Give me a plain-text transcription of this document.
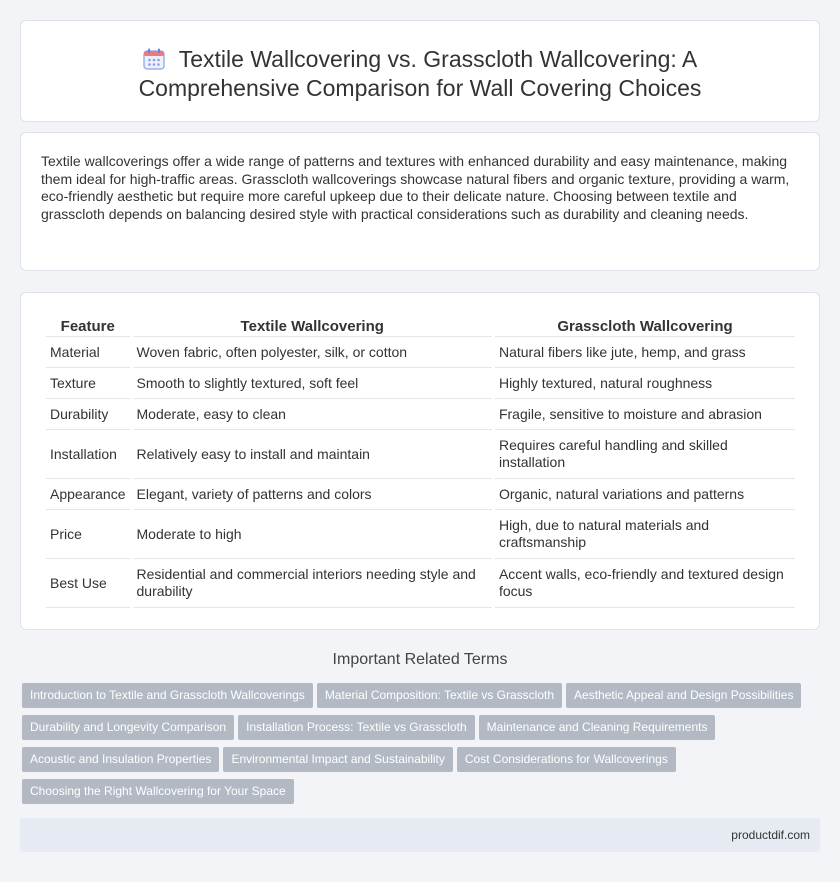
Textile Wallcovering vs. Grasscloth Wallcovering: A Comprehensive Comparison for Wall Covering Choices

Textile wallcoverings offer a wide range of patterns and textures with enhanced durability and easy maintenance, making them ideal for high-traffic areas. Grasscloth wallcoverings showcase natural fibers and organic texture, providing a warm, eco-friendly aesthetic but require more careful upkeep due to their delicate nature. Choosing between textile and grasscloth depends on balancing desired style with practical considerations such as durability and cleaning needs.

Feature	Textile Wallcovering	Grasscloth Wallcovering
Material	Woven fabric, often polyester, silk, or cotton	Natural fibers like jute, hemp, and grass
Texture	Smooth to slightly textured, soft feel	Highly textured, natural roughness
Durability	Moderate, easy to clean	Fragile, sensitive to moisture and abrasion
Installation	Relatively easy to install and maintain	Requires careful handling and skilled installation
Appearance	Elegant, variety of patterns and colors	Organic, natural variations and patterns
Price	Moderate to high	High, due to natural materials and craftsmanship
Best Use	Residential and commercial interiors needing style and durability	Accent walls, eco-friendly and textured design focus
Important Related Terms
Introduction to Textile and Grasscloth Wallcoverings Material Composition: Textile vs Grasscloth Aesthetic Appeal and Design PossibilitiesDurability and Longevity Comparison Installation Process: Textile vs Grasscloth Maintenance and Cleaning RequirementsAcoustic and Insulation Properties Environmental Impact and Sustainability Cost Considerations for WallcoveringsChoosing the Right Wallcovering for Your Space
productdif.com
